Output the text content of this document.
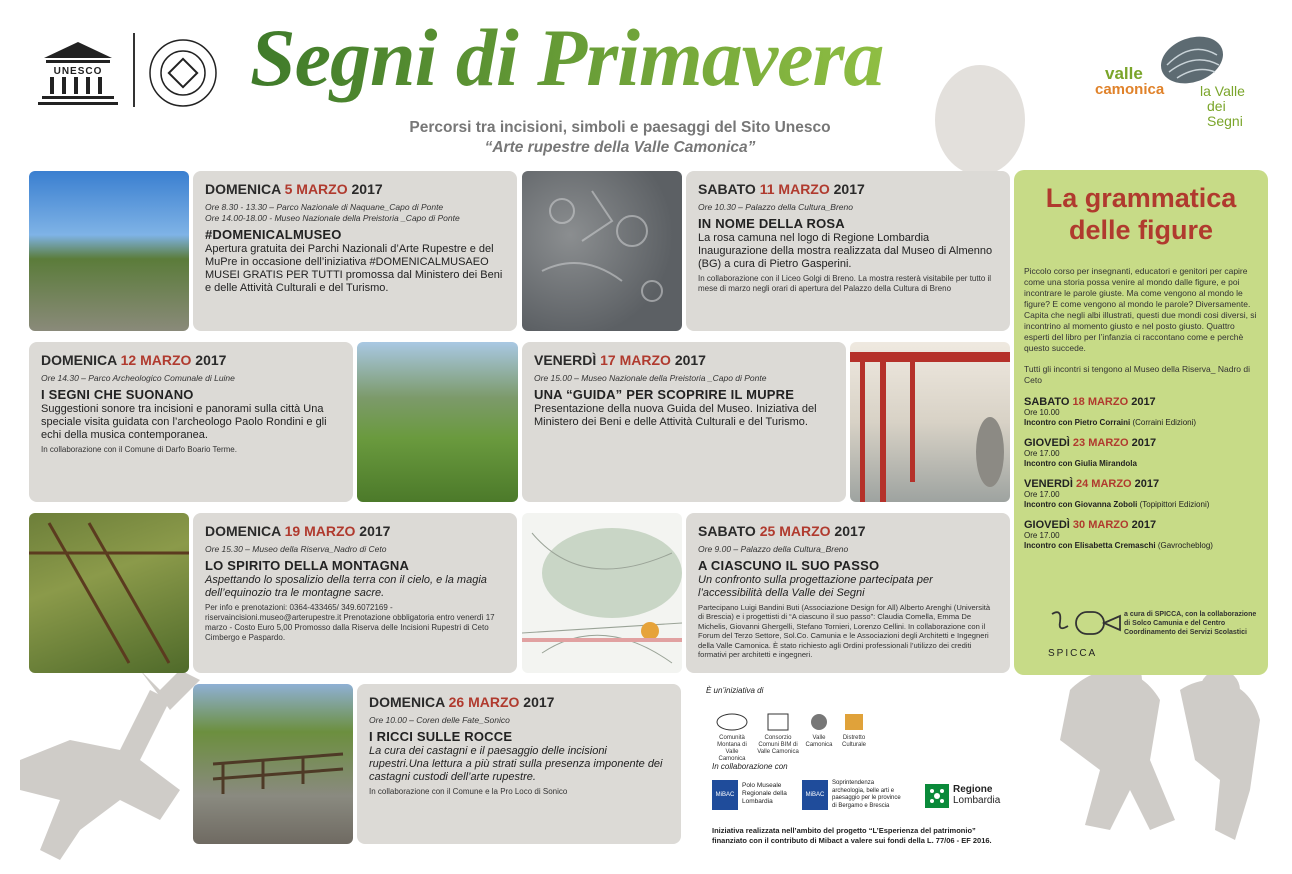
UNESCO Segni di Primavera
Percorsi tra incisioni, simboli e paesaggi del Sito Unesco
“Arte rupestre della Valle Camonica”
valle
camonica	la Valle
dei Segni
DOMENICA 5 MARZO 2017
Ore 8.30 - 13.30 – Parco Nazionale di Naquane_Capo di Ponte
Ore 14.00-18.00 - Museo Nazionale della Preistoria _Capo di Ponte
#DOMENICALMUSEO
Apertura gratuita dei Parchi Nazionali d’Arte Rupestre e del MuPre in occasione dell’iniziativa #DOMENICALMUSAEO MUSEI GRATIS PER TUTTI promossa dal Ministero dei Beni e delle Attività Culturali e del Turismo.
SABATO 11 MARZO 2017
Ore 10.30 – Palazzo della Cultura_Breno
IN NOME DELLA ROSA
La rosa camuna nel logo di Regione Lombardia Inaugurazione della mostra realizzata dal Museo di Almenno (BG) a cura di Pietro Gasperini.
In collaborazione con il Liceo Golgi di Breno. La mostra resterà visitabile per tutto il mese di marzo negli orari di apertura del Palazzo della Cultura di Breno
DOMENICA 12 MARZO 2017
Ore 14.30 – Parco Archeologico Comunale di Luine
I SEGNI CHE SUONANO
Suggestioni sonore tra incisioni e panorami sulla città Una speciale visita guidata con l’archeologo Paolo Rondini e gli echi della musica contemporanea.
In collaborazione con il Comune di Darfo Boario Terme.
VENERDÌ 17 MARZO 2017
Ore 15.00 – Museo Nazionale della Preistoria _Capo di Ponte
UNA “GUIDA” PER SCOPRIRE IL MUPRE
Presentazione della nuova Guida del Museo. Iniziativa del Ministero dei Beni e delle Attività Culturali e del Turismo.
DOMENICA 19 MARZO 2017
Ore 15.30 – Museo della Riserva_Nadro di Ceto
LO SPIRITO DELLA MONTAGNA
Aspettando lo sposalizio della terra con il cielo, e la magia dell’equinozio tra le montagne sacre.
Per info e prenotazioni: 0364-433465/ 349.6072169 - riservaincisioni.museo@arterupestre.it Prenotazione obbligatoria entro venerdì 17 marzo - Costo Euro 5,00 Promosso dalla Riserva delle Incisioni Rupestri di Ceto Cimbergo e Paspardo.
SABATO 25 MARZO 2017
Ore 9.00 – Palazzo della Cultura_Breno
A CIASCUNO IL SUO PASSO
Un confronto sulla progettazione partecipata per l’accessibilità della Valle dei Segni
Partecipano Luigi Bandini Buti (Associazione Design for All) Alberto Arenghi (Università di Brescia) e i progettisti di “A ciascuno il suo passo”: Claudia Comella, Emma De Michelis, Giovanni Ghergelli, Stefano Tornieri, Lorenzo Cellini. In collaborazione con il Forum del Terzo Settore, Sol.Co. Camunia e le Associazioni degli Architetti e Ingegneri della Valle Camonica. È stato richiesto agli Ordini professionali l’utilizzo dei crediti formativi per architetti e ingegneri.
DOMENICA 26 MARZO 2017
Ore 10.00 – Coren delle Fate_Sonico
I RICCI SULLE ROCCE
La cura dei castagni e il paesaggio delle incisioni rupestri.Una lettura a più strati sulla presenza imponente dei castagni custodi dell’arte rupestre.
In collaborazione con il Comune e la Pro Loco di Sonico
La grammatica
delle figure
Piccolo corso per insegnanti, educatori e genitori per capire come una storia possa venire al mondo dalle figure, e poi incontrare le parole giuste. Ma come vengono al mondo le figure? E come vengono al mondo le parole? Diversamente. Capita che negli albi illustrati, questi due mondi cosi diversi, si incontrino al momento giusto e nel posto giusto. Quattro esperti del libro per l’infanzia ci raccontano come e perchè questo succede.
Tutti gli incontri si tengono al Museo della Riserva_ Nadro di Ceto
SABATO 18 MARZO 2017
Ore 10.00
Incontro con Pietro Corraini (Corraini Edizioni)
GIOVEDÌ 23 MARZO 2017
Ore 17.00
Incontro con Giulia Mirandola
VENERDÌ 24 MARZO 2017
Ore 17.00
Incontro con Giovanna Zoboli (Topipittori Edizioni)
GIOVEDÌ 30 MARZO 2017
Ore 17.00
Incontro con Elisabetta Cremaschi (Gavrocheblog)
SPICCA
a cura di SPICCA, con la collaborazione di Solco Camunia e del Centro Coordinamento dei Servizi Scolastici
È un’iniziativa di
Comunità Montana di Valle Camonica
Consorzio Comuni BIM di Valle Camonica
Valle Camonica
Distretto Culturale
In collaborazione con
MiBAC
Polo Museale Regionale della Lombardia
MiBAC
Soprintendenza archeologia, belle arti e paesaggio per le province di Bergamo e Brescia
Regione
Lombardia
Iniziativa realizzata nell’ambito del progetto “L’Esperienza del patrimonio”
finanziato con il contributo di Mibact a valere sui fondi della L. 77/06 - EF 2016.
